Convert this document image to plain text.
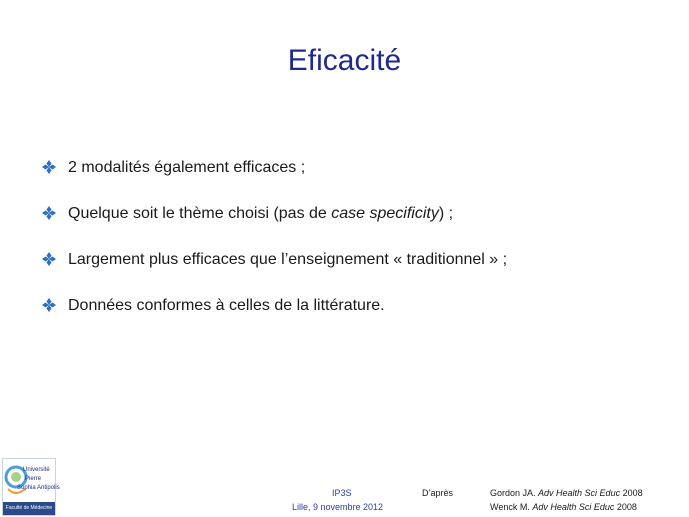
Eficacité
2 modalités également efficaces ;
Quelque soit le thème choisi (pas de case specificity) ;
Largement plus efficaces que l’enseignement « traditionnel » ;
Données conformes à celles de la littérature.
Université
Pierre
Sophia Antipolis
Faculté de Médecine
IP3S
Lille, 9 novembre 2012
D’après	Gordon JA. Adv Health Sci Educ 2008
Wenck M. Adv Health Sci Educ 2008
